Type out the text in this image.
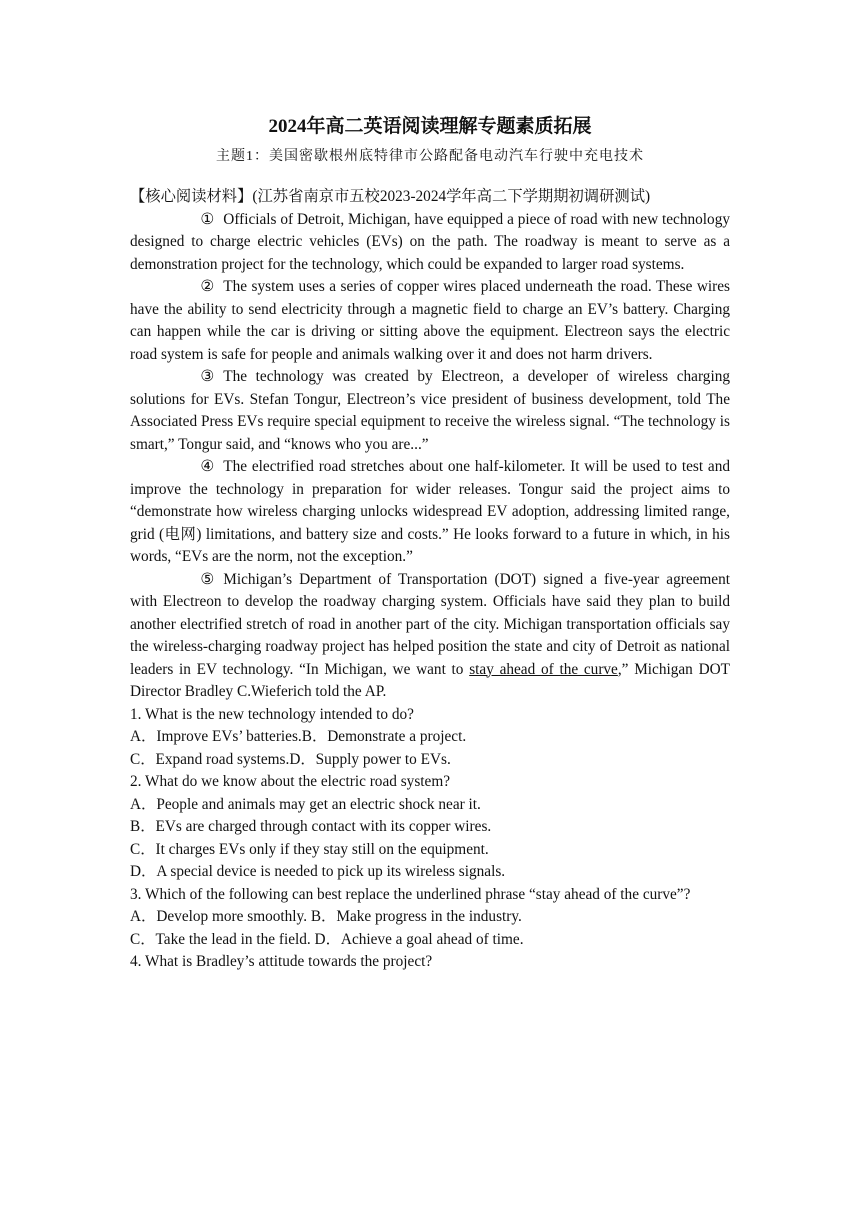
2024年高二英语阅读理解专题素质拓展
主题1：美国密歇根州底特律市公路配备电动汽车行驶中充电技术

【核心阅读材料】(江苏省南京市五校2023-2024学年高二下学期期初调研测试)

① Officials of Detroit, Michigan, have equipped a piece of road with new technology designed to charge electric vehicles (EVs) on the path. The roadway is meant to serve as a demonstration project for the technology, which could be expanded to larger road systems.

② The system uses a series of copper wires placed underneath the road. These wires have the ability to send electricity through a magnetic field to charge an EV’s battery. Charging can happen while the car is driving or sitting above the equipment. Electreon says the electric road system is safe for people and animals walking over it and does not harm drivers.

③ The technology was created by Electreon, a developer of wireless charging solutions for EVs. Stefan Tongur, Electreon’s vice president of business development, told The Associated Press EVs require special equipment to receive the wireless signal. “The technology is smart,” Tongur said, and “knows who you are...”

④ The electrified road stretches about one half-kilometer. It will be used to test and improve the technology in preparation for wider releases. Tongur said the project aims to “demonstrate how wireless charging unlocks widespread EV adoption, addressing limited range, grid (电网) limitations, and battery size and costs.” He looks forward to a future in which, in his words, “EVs are the norm, not the exception.”

⑤ Michigan’s Department of Transportation (DOT) signed a five-year agreement with Electreon to develop the roadway charging system. Officials have said they plan to build another electrified stretch of road in another part of the city. Michigan transportation officials say the wireless-charging roadway project has helped position the state and city of Detroit as national leaders in EV technology. “In Michigan, we want to stay ahead of the curve,” Michigan DOT Director Bradley C.Wieferich told the AP.

1. What is the new technology intended to do?

A．Improve EVs’ batteries.B．Demonstrate a project.

C．Expand road systems.D．Supply power to EVs.

2. What do we know about the electric road system?

A．People and animals may get an electric shock near it.

B．EVs are charged through contact with its copper wires.

C．It charges EVs only if they stay still on the equipment.

D．A special device is needed to pick up its wireless signals.

3. Which of the following can best replace the underlined phrase “stay ahead of the curve”?

A．Develop more smoothly. B．Make progress in the industry.

C．Take the lead in the field. D．Achieve a goal ahead of time.

4. What is Bradley’s attitude towards the project?
